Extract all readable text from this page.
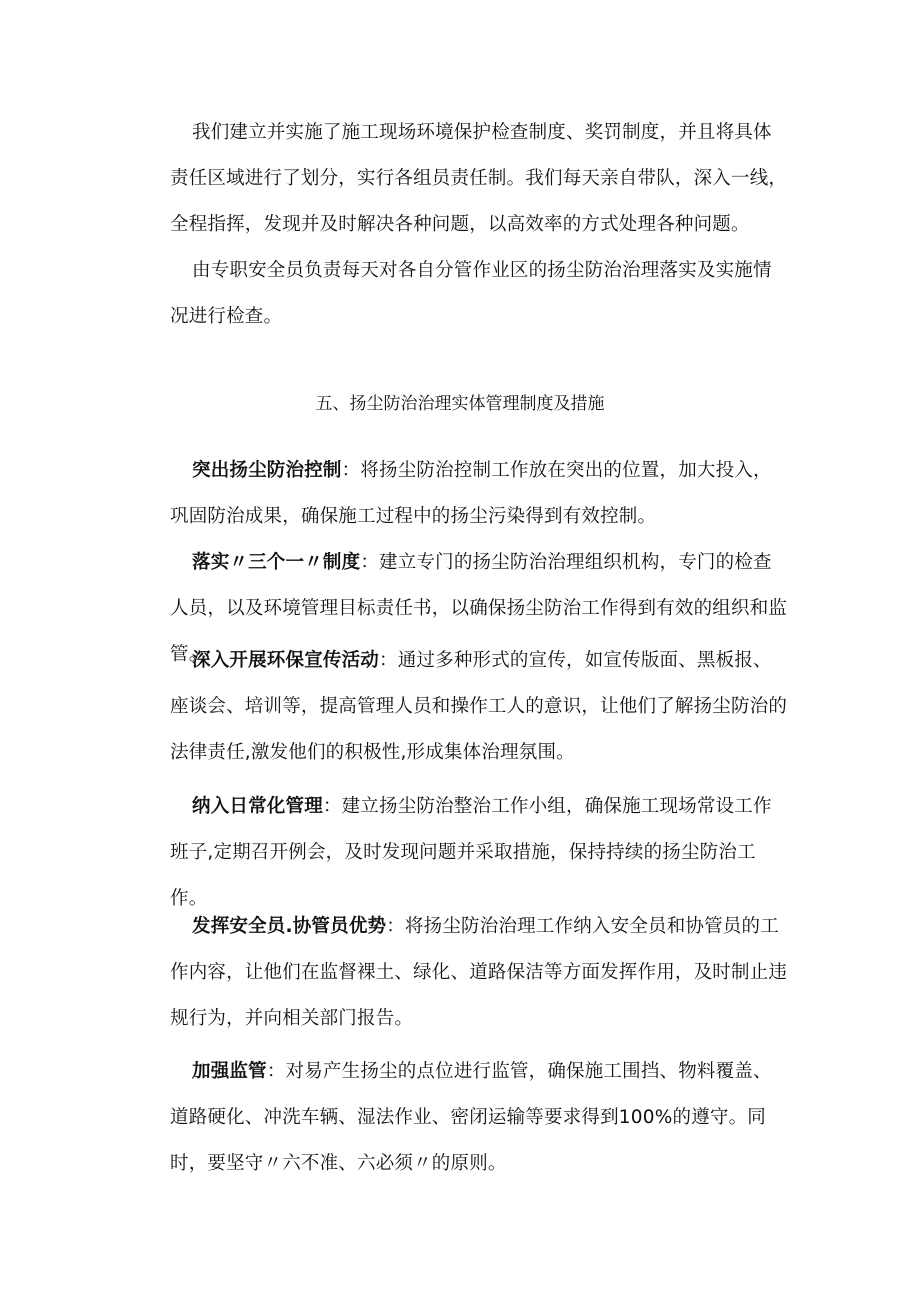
我们建立并实施了施工现场环境保护检查制度、奖罚制度，并且将具体责任区域进行了划分，实行各组员责任制。我们每天亲自带队，深入一线，全程指挥，发现并及时解决各种问题，以高效率的方式处理各种问题。

由专职安全员负责每天对各自分管作业区的扬尘防治治理落实及实施情况进行检查。

五、扬尘防治治理实体管理制度及措施

突出扬尘防治控制：将扬尘防治控制工作放在突出的位置，加大投入，巩固防治成果，确保施工过程中的扬尘污染得到有效控制。

落实〃三个一〃制度：建立专门的扬尘防治治理组织机构，专门的检查人员，以及环境管理目标责任书，以确保扬尘防治工作得到有效的组织和监管。

深入开展环保宣传活动：通过多种形式的宣传，如宣传版面、黑板报、座谈会、培训等，提高管理人员和操作工人的意识，让他们了解扬尘防治的法律责任,激发他们的积极性,形成集体治理氛围。

纳入日常化管理：建立扬尘防治整治工作小组，确保施工现场常设工作班子,定期召开例会，及时发现问题并采取措施，保持持续的扬尘防治工作。

发挥安全员.协管员优势：将扬尘防治治理工作纳入安全员和协管员的工作内容，让他们在监督裸土、绿化、道路保洁等方面发挥作用，及时制止违规行为，并向相关部门报告。

加强监管：对易产生扬尘的点位进行监管，确保施工围挡、物料覆盖、道路硬化、冲洗车辆、湿法作业、密闭运输等要求得到100%的遵守。同时，要坚守〃六不准、六必须〃的原则。
